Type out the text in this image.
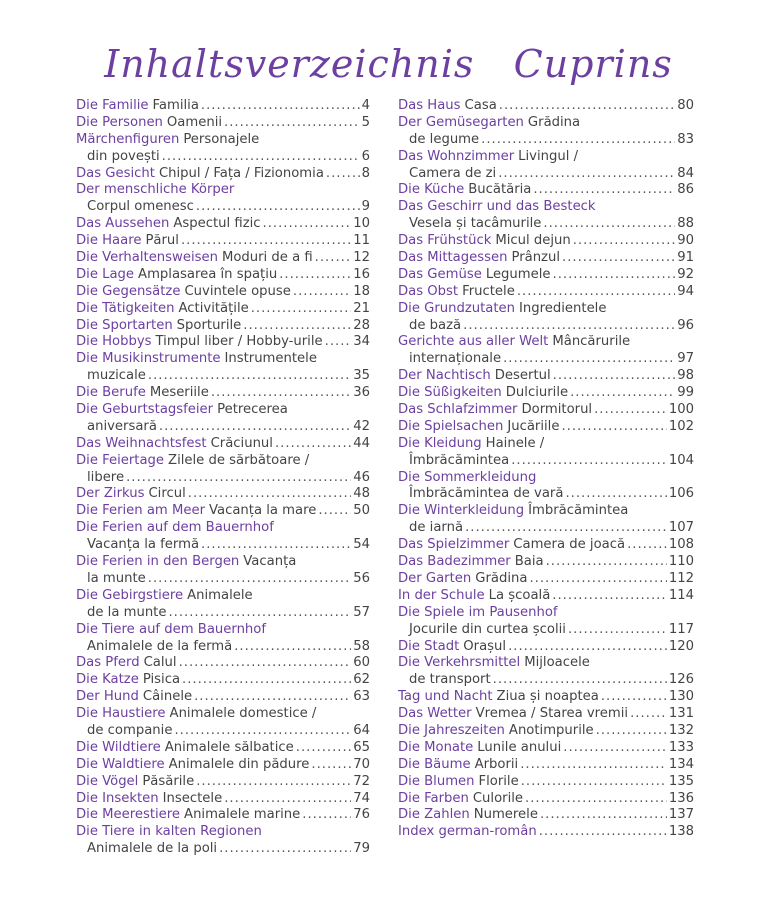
Inhaltsverzeichnis   Cuprins
Die Familie Familia .....	4
Die Personen Oamenii .....	5
Märchenfiguren Personajele
din povești .....	6
Das Gesicht Chipul / Fața / Fizionomia .....	8
Der menschliche Körper
Corpul omenesc .....	9
Das Aussehen Aspectul fizic .....	10
Die Haare Părul .....	11
Die Verhaltensweisen Moduri de a fi .....	12
Die Lage Amplasarea în spațiu .....	16
Die Gegensätze Cuvintele opuse .....	18
Die Tätigkeiten Activitățile .....	21
Die Sportarten Sporturile .....	28
Die Hobbys Timpul liber / Hobby-urile ..... 34
Die Musikinstrumente Instrumentele
muzicale .....	35
Die Berufe Meseriile .....	36
Die Geburtstagsfeier Petrecerea
aniversară .....	42
Das Weihnachtsfest Crăciunul .....	44
Die Feiertage Zilele de sărbătoare /
libere .....	46
Der Zirkus Circul .....	48
Die Ferien am Meer Vacanța la mare .....	50
Die Ferien auf dem Bauernhof
Vacanța la fermă .....	54
Die Ferien in den Bergen Vacanța
la munte .....	56
Die Gebirgstiere Animalele
de la munte .....	57
Die Tiere auf dem Bauernhof
Animalele de la fermă .....	58
Das Pferd Calul .....	60
Die Katze Pisica .....	62
Der Hund Câinele .....	63
Die Haustiere Animalele domestice /
de companie .....	64
Die Wildtiere Animalele sălbatice .....	65
Die Waldtiere Animalele din pădure .....	70
Die Vögel Păsările .....	72
Die Insekten Insectele .....	74
Die Meerestiere Animalele marine .....	76
Die Tiere in kalten Regionen
Animalele de la poli .....	79
Das Haus Casa .....	80
Der Gemüsegarten Grădina
de legume .....	83
Das Wohnzimmer Livingul /
Camera de zi .....	84
Die Küche Bucătăria .....	86
Das Geschirr und das Besteck
Vesela și tacâmurile .....	88
Das Frühstück Micul dejun .....	90
Das Mittagessen Prânzul .....	91
Das Gemüse Legumele .....	92
Das Obst Fructele .....	94
Die Grundzutaten Ingredientele
de bază .....	96
Gerichte aus aller Welt Mâncărurile
internaționale .....	97
Der Nachtisch Desertul .....	98
Die Süßigkeiten Dulciurile .....	99
Das Schlafzimmer Dormitorul .....	100
Die Spielsachen Jucăriile .....	102
Die Kleidung Hainele /
Îmbrăcămintea .....	104
Die Sommerkleidung
Îmbrăcămintea de vară .....	106
Die Winterkleidung Îmbrăcămintea
de iarnă .....	107
Das Spielzimmer Camera de joacă .....	108
Das Badezimmer Baia .....	110
Der Garten Grădina .....	112
In der Schule La școală .....	114
Die Spiele im Pausenhof
Jocurile din curtea școlii .....	117
Die Stadt Orașul .....	120
Die Verkehrsmittel Mijloacele
de transport .....	126
Tag und Nacht Ziua și noaptea .....	130
Das Wetter Vremea / Starea vremii .....	131
Die Jahreszeiten Anotimpurile .....	132
Die Monate Lunile anului .....	133
Die Bäume Arborii .....	134
Die Blumen Florile .....	135
Die Farben Culorile .....	136
Die Zahlen Numerele .....	137
Index german-român .....	138
